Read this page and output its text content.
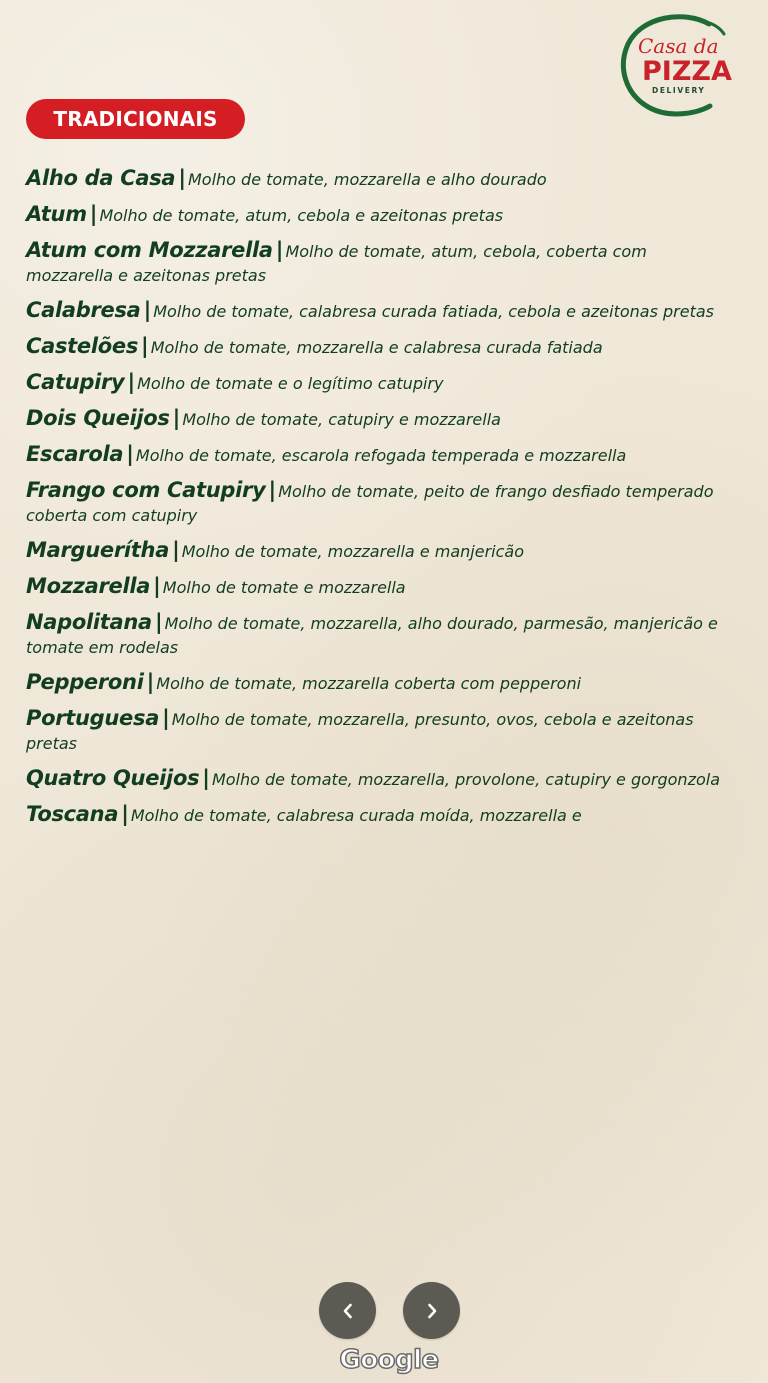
Casa da
PIZZA
DELIVERY
TRADICIONAIS
Alho da Casa | Molho de tomate, mozzarella e alho dourado
Atum | Molho de tomate, atum, cebola e azeitonas pretas
Atum com Mozzarella | Molho de tomate, atum, cebola, coberta com mozzarella e azeitonas pretas
Calabresa | Molho de tomate, calabresa curada fatiada, cebola e azeitonas pretas
Castelões | Molho de tomate, mozzarella e calabresa curada fatiada
Catupiry | Molho de tomate e o legítimo catupiry
Dois Queijos | Molho de tomate, catupiry e mozzarella
Escarola | Molho de tomate, escarola refogada temperada e mozzarella
Frango com Catupiry | Molho de tomate, peito de frango desfiado temperado coberta com catupiry
Marguerítha | Molho de tomate, mozzarella e manjericão
Mozzarella | Molho de tomate e mozzarella
Napolitana | Molho de tomate, mozzarella, alho dourado, parmesão, manjericão e tomate em rodelas
Pepperoni | Molho de tomate, mozzarella coberta com pepperoni
Portuguesa | Molho de tomate, mozzarella, presunto, ovos, cebola e azeitonas pretas
Quatro Queijos | Molho de tomate, mozzarella, provolone, catupiry e gorgonzola
Toscana | Molho de tomate, calabresa curada moída, mozzarella e
Google
